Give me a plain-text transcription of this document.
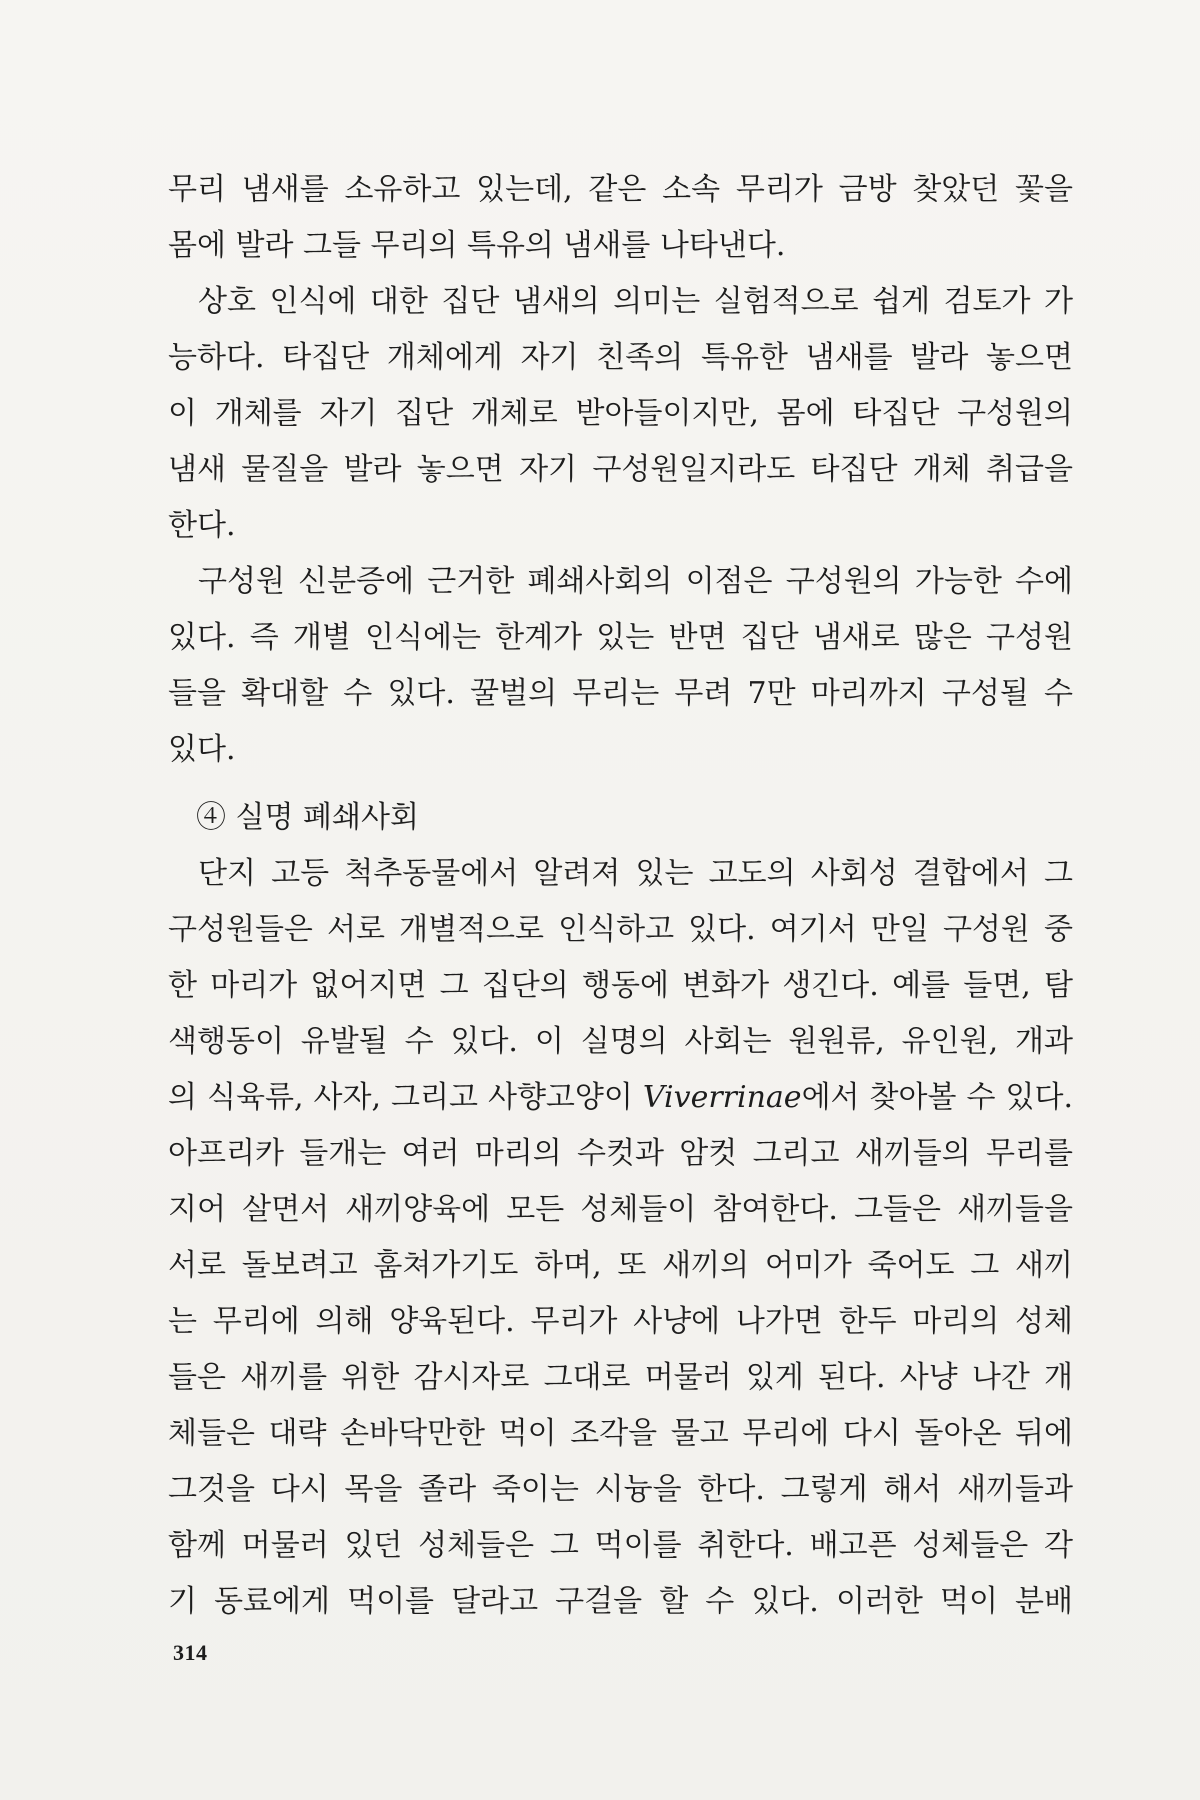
무리 냄새를 소유하고 있는데, 같은 소속 무리가 금방 찾았던 꽃을
몸에 발라 그들 무리의 특유의 냄새를 나타낸다.
상호 인식에 대한 집단 냄새의 의미는 실험적으로 쉽게 검토가 가
능하다. 타집단 개체에게 자기 친족의 특유한 냄새를 발라 놓으면
이 개체를 자기 집단 개체로 받아들이지만, 몸에 타집단 구성원의
냄새 물질을 발라 놓으면 자기 구성원일지라도 타집단 개체 취급을
한다.
구성원 신분증에 근거한 폐쇄사회의 이점은 구성원의 가능한 수에
있다. 즉 개별 인식에는 한계가 있는 반면 집단 냄새로 많은 구성원
들을 확대할 수 있다. 꿀벌의 무리는 무려 7만 마리까지 구성될 수
있다.
④ 실명 폐쇄사회
단지 고등 척추동물에서 알려져 있는 고도의 사회성 결합에서 그
구성원들은 서로 개별적으로 인식하고 있다. 여기서 만일 구성원 중
한 마리가 없어지면 그 집단의 행동에 변화가 생긴다. 예를 들면, 탐
색행동이 유발될 수 있다. 이 실명의 사회는 원원류, 유인원, 개과
의 식육류, 사자, 그리고 사향고양이 Viverrinae에서 찾아볼 수 있다.
아프리카 들개는 여러 마리의 수컷과 암컷 그리고 새끼들의 무리를
지어 살면서 새끼양육에 모든 성체들이 참여한다. 그들은 새끼들을
서로 돌보려고 훔쳐가기도 하며, 또 새끼의 어미가 죽어도 그 새끼
는 무리에 의해 양육된다. 무리가 사냥에 나가면 한두 마리의 성체
들은 새끼를 위한 감시자로 그대로 머물러 있게 된다. 사냥 나간 개
체들은 대략 손바닥만한 먹이 조각을 물고 무리에 다시 돌아온 뒤에
그것을 다시 목을 졸라 죽이는 시늉을 한다. 그렇게 해서 새끼들과
함께 머물러 있던 성체들은 그 먹이를 취한다. 배고픈 성체들은 각
기 동료에게 먹이를 달라고 구걸을 할 수 있다. 이러한 먹이 분배
314
